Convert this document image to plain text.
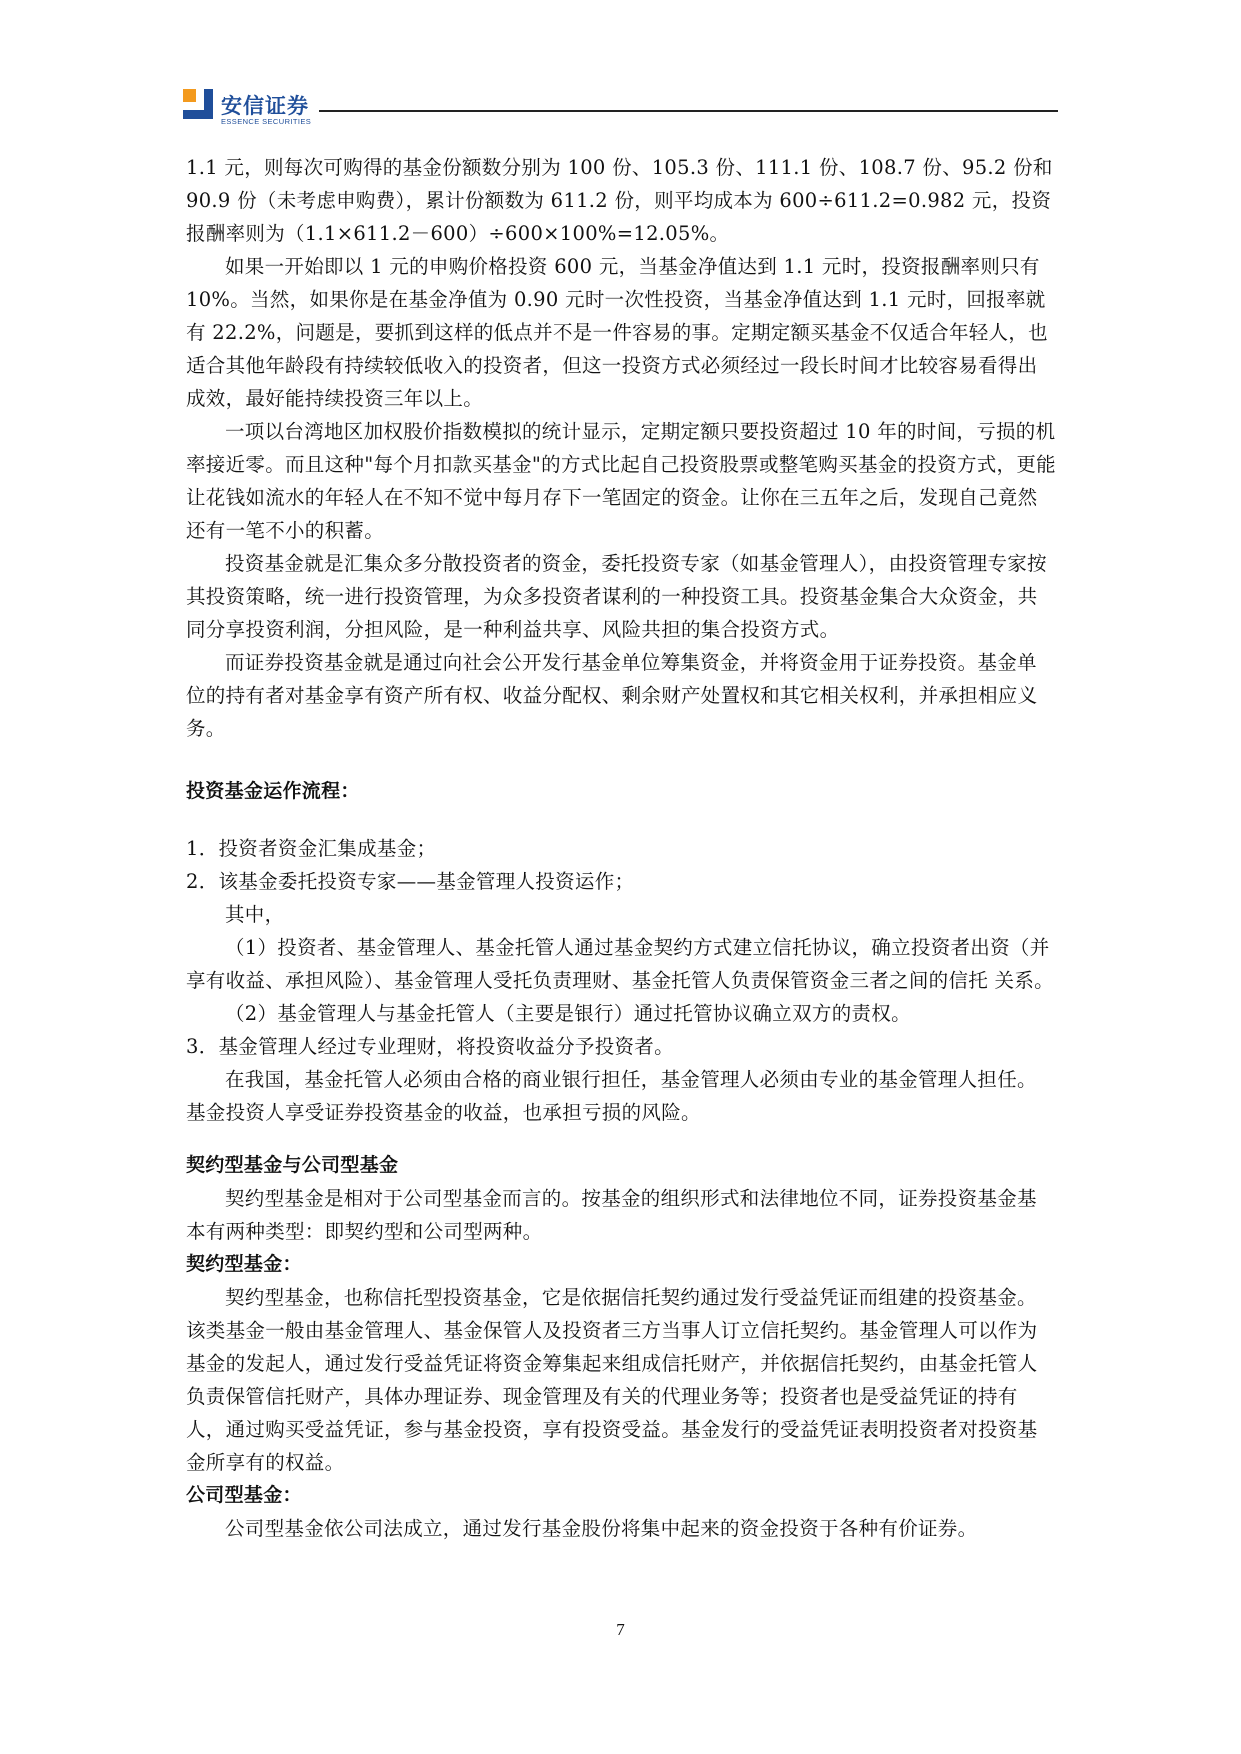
安信证券
ESSENCE SECURITIES

1.1 元，则每次可购得的基金份额数分别为 100 份、105.3 份、111.1 份、108.7 份、95.2 份和 90.9 份（未考虑申购费），累计份额数为 611.2 份，则平均成本为 600÷611.2=0.982 元，投资报酬率则为（1.1×611.2－600）÷600×100%=12.05%。

如果一开始即以 1 元的申购价格投资 600 元，当基金净值达到 1.1 元时，投资报酬率则只有 10%。当然，如果你是在基金净值为 0.90 元时一次性投资，当基金净值达到 1.1 元时，回报率就有 22.2%，问题是，要抓到这样的低点并不是一件容易的事。定期定额买基金不仅适合年轻人，也适合其他年龄段有持续较低收入的投资者，但这一投资方式必须经过一段长时间才比较容易看得出成效，最好能持续投资三年以上。

一项以台湾地区加权股价指数模拟的统计显示，定期定额只要投资超过 10 年的时间，亏损的机率接近零。而且这种"每个月扣款买基金"的方式比起自己投资股票或整笔购买基金的投资方式，更能让花钱如流水的年轻人在不知不觉中每月存下一笔固定的资金。让你在三五年之后，发现自己竟然还有一笔不小的积蓄。

投资基金就是汇集众多分散投资者的资金，委托投资专家（如基金管理人），由投资管理专家按其投资策略，统一进行投资管理，为众多投资者谋利的一种投资工具。投资基金集合大众资金，共同分享投资利润，分担风险，是一种利益共享、风险共担的集合投资方式。

而证券投资基金就是通过向社会公开发行基金单位筹集资金，并将资金用于证券投资。基金单位的持有者对基金享有资产所有权、收益分配权、剩余财产处置权和其它相关权利，并承担相应义务。

投资基金运作流程：

1．投资者资金汇集成基金；

2．该基金委托投资专家——基金管理人投资运作；

其中，

（1）投资者、基金管理人、基金托管人通过基金契约方式建立信托协议，确立投资者出资（并享有收益、承担风险）、基金管理人受托负责理财、基金托管人负责保管资金三者之间的信托 关系。

（2）基金管理人与基金托管人（主要是银行）通过托管协议确立双方的责权。

3．基金管理人经过专业理财，将投资收益分予投资者。

在我国，基金托管人必须由合格的商业银行担任，基金管理人必须由专业的基金管理人担任。基金投资人享受证券投资基金的收益，也承担亏损的风险。

契约型基金与公司型基金

契约型基金是相对于公司型基金而言的。按基金的组织形式和法律地位不同，证券投资基金基本有两种类型：即契约型和公司型两种。

契约型基金：

契约型基金，也称信托型投资基金，它是依据信托契约通过发行受益凭证而组建的投资基金。该类基金一般由基金管理人、基金保管人及投资者三方当事人订立信托契约。基金管理人可以作为基金的发起人，通过发行受益凭证将资金筹集起来组成信托财产，并依据信托契约，由基金托管人负责保管信托财产，具体办理证券、现金管理及有关的代理业务等；投资者也是受益凭证的持有人，通过购买受益凭证，参与基金投资，享有投资受益。基金发行的受益凭证表明投资者对投资基金所享有的权益。

公司型基金：

公司型基金依公司法成立，通过发行基金股份将集中起来的资金投资于各种有价证券。

7
